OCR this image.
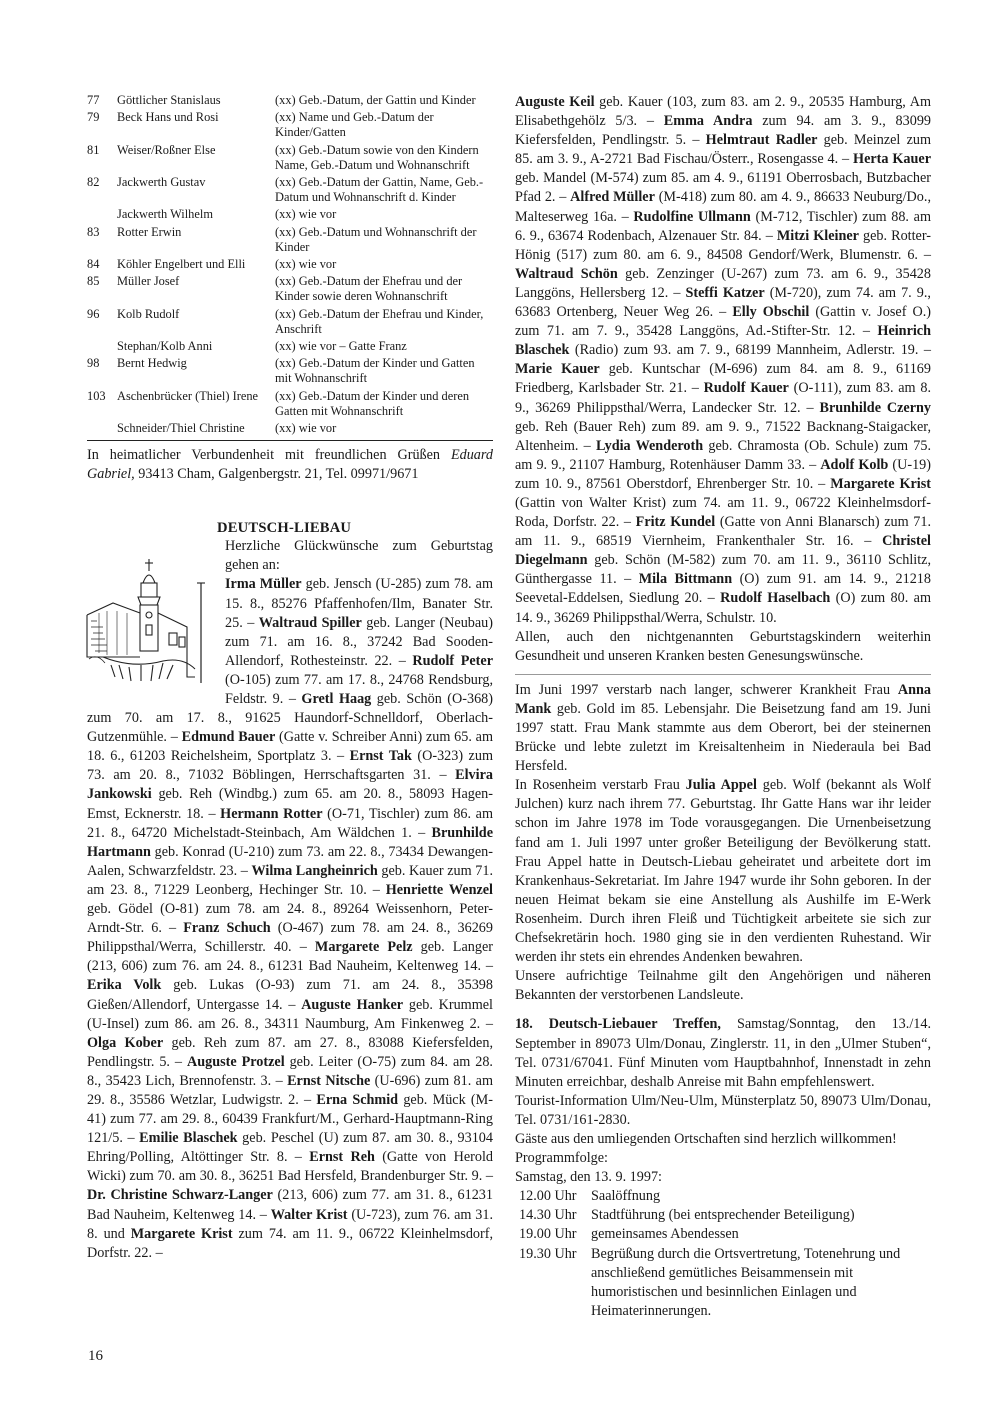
77	Göttlicher Stanislaus	(xx) Geb.-Datum, der Gattin und Kinder
79	Beck Hans und Rosi	(xx) Name und Geb.-Datum der Kinder/Gatten
81	Weiser/Roßner Else	(xx) Geb.-Datum sowie von den Kindern Name, Geb.-Datum und Wohnanschrift
82	Jackwerth Gustav	(xx) Geb.-Datum der Gattin, Name, Geb.-Datum und Wohnanschrift d. Kinder
	Jackwerth Wilhelm	(xx) wie vor
83	Rotter Erwin	(xx) Geb.-Datum und Wohnanschrift der Kinder
84	Köhler Engelbert und Elli	(xx) wie vor
85	Müller Josef	(xx) Geb.-Datum der Ehefrau und der Kinder sowie deren Wohnanschrift
96	Kolb Rudolf	(xx) Geb.-Datum der Ehefrau und Kinder, Anschrift
	Stephan/Kolb Anni	(xx) wie vor – Gatte Franz
98	Bernt Hedwig	(xx) Geb.-Datum der Kinder und Gatten mit Wohnanschrift
103	Aschenbrücker (Thiel) Irene	(xx) Geb.-Datum der Kinder und deren Gatten mit Wohnanschrift
	Schneider/Thiel Christine	(xx) wie vor
In heimatlicher Verbundenheit mit freundlichen Grüßen Eduard Gabriel, 93413 Cham, Galgenbergstr. 21, Tel. 09971/9671
DEUTSCH-LIEBAU
Herzliche Glückwünsche zum Geburtstag gehen an:
Irma Müller geb. Jensch (U-285) zum 78. am 15. 8., 85276 Pfaffenhofen/Ilm, Banater Str. 25. – Waltraud Spiller geb. Langer (Neubau) zum 71. am 16. 8., 37242 Bad Sooden-Allendorf, Rothesteinstr. 22. – Rudolf Peter (O-105) zum 77. am 17. 8., 24768 Rendsburg, Feldstr. 9. – Gretl Haag geb. Schön (O-368) zum 70. am 17. 8., 91625 Haundorf-Schnelldorf, Oberlach-Gutzenmühle. – Edmund Bauer (Gatte v. Schreiber Anni) zum 65. am 18. 6., 61203 Reichelsheim, Sportplatz 3. – Ernst Tak (O-323) zum 73. am 20. 8., 71032 Böblingen, Herrschaftsgarten 31. – Elvira Jankowski geb. Reh (Windbg.) zum 65. am 20. 8., 58093 Hagen-Emst, Ecknerstr. 18. – Hermann Rotter (O-71, Tischler) zum 86. am 21. 8., 64720 Michelstadt-Steinbach, Am Wäldchen 1. – Brunhilde Hartmann geb. Konrad (U-210) zum 73. am 22. 8., 73434 Dewangen-Aalen, Schwarzfeldstr. 23. – Wilma Langheinrich geb. Kauer zum 71. am 23. 8., 71229 Leonberg, Hechinger Str. 10. – Henriette Wenzel geb. Gödel (O-81) zum 78. am 24. 8., 89264 Weissenhorn, Peter-Arndt-Str. 6. – Franz Schuch (O-467) zum 78. am 24. 8., 36269 Philippsthal/Werra, Schillerstr. 40. – Margarete Pelz geb. Langer (213, 606) zum 76. am 24. 8., 61231 Bad Nauheim, Keltenweg 14. – Erika Volk geb. Lukas (O-93) zum 71. am 24. 8., 35398 Gießen/Allendorf, Untergasse 14. – Auguste Hanker geb. Krummel (U-Insel) zum 86. am 26. 8., 34311 Naumburg, Am Finkenweg 2. – Olga Kober geb. Reh zum 87. am 27. 8., 83088 Kiefersfelden, Pendlingstr. 5. – Auguste Protzel geb. Leiter (O-75) zum 84. am 28. 8., 35423 Lich, Brennofenstr. 3. – Ernst Nitsche (U-696) zum 81. am 29. 8., 35586 Wetzlar, Ludwigstr. 2. – Erna Schmid geb. Mück (M-41) zum 77. am 29. 8., 60439 Frankfurt/M., Gerhard-Hauptmann-Ring 121/5. – Emilie Blaschek geb. Peschel (U) zum 87. am 30. 8., 93104 Ehring/Polling, Altöttinger Str. 8. – Ernst Reh (Gatte von Herold Wicki) zum 70. am 30. 8., 36251 Bad Hersfeld, Brandenburger Str. 9. – Dr. Christine Schwarz-Langer (213, 606) zum 77. am 31. 8., 61231 Bad Nauheim, Keltenweg 14. – Walter Krist (U-723), zum 76. am 31. 8. und Margarete Krist zum 74. am 11. 9., 06722 Kleinhelmsdorf, Dorfstr. 22. –

Auguste Keil geb. Kauer (103, zum 83. am 2. 9., 20535 Hamburg, Am Elisabethgehölz 5/3. – Emma Andra zum 94. am 3. 9., 83099 Kiefersfelden, Pendlingstr. 5. – Helmtraut Radler geb. Meinzel zum 85. am 3. 9., A-2721 Bad Fischau/Österr., Rosengasse 4. – Herta Kauer geb. Mandel (M-574) zum 85. am 4. 9., 61191 Oberrosbach, Butzbacher Pfad 2. – Alfred Müller (M-418) zum 80. am 4. 9., 86633 Neuburg/Do., Malteserweg 16a. – Rudolfine Ullmann (M-712, Tischler) zum 88. am 6. 9., 63674 Rodenbach, Alzenauer Str. 84. – Mitzi Kleiner geb. Rotter-Hönig (517) zum 80. am 6. 9., 84508 Gendorf/Werk, Blumenstr. 6. – Waltraud Schön geb. Zenzinger (U-267) zum 73. am 6. 9., 35428 Langgöns, Hellersberg 12. – Steffi Katzer (M-720), zum 74. am 7. 9., 63683 Ortenberg, Neuer Weg 26. – Elly Obschil (Gattin v. Josef O.) zum 71. am 7. 9., 35428 Langgöns, Ad.-Stifter-Str. 12. – Heinrich Blaschek (Radio) zum 93. am 7. 9., 68199 Mannheim, Adlerstr. 19. – Marie Kauer geb. Kuntschar (M-696) zum 84. am 8. 9., 61169 Friedberg, Karlsbader Str. 21. – Rudolf Kauer (O-111), zum 83. am 8. 9., 36269 Philippsthal/Werra, Landecker Str. 12. – Brunhilde Czerny geb. Reh (Bauer Reh) zum 89. am 9. 9., 71522 Backnang-Staigacker, Altenheim. – Lydia Wenderoth geb. Chramosta (Ob. Schule) zum 75. am 9. 9., 21107 Hamburg, Rotenhäuser Damm 33. – Adolf Kolb (U-19) zum 10. 9., 87561 Oberstdorf, Ehrenberger Str. 10. – Margarete Krist (Gattin von Walter Krist) zum 74. am 11. 9., 06722 Kleinhelmsdorf-Roda, Dorfstr. 22. – Fritz Kundel (Gatte von Anni Blanarsch) zum 71. am 11. 9., 68519 Viernheim, Frankenthaler Str. 16. – Christel Diegelmann geb. Schön (M-582) zum 70. am 11. 9., 36110 Schlitz, Günthergasse 11. – Mila Bittmann (O) zum 91. am 14. 9., 21218 Seevetal-Eddelsen, Siedlung 20. – Rudolf Haselbach (O) zum 80. am 14. 9., 36269 Philippsthal/Werra, Schulstr. 10.

Allen, auch den nichtgenannten Geburtstagskindern weiterhin Gesundheit und unseren Kranken besten Genesungswünsche.

Im Juni 1997 verstarb nach langer, schwerer Krankheit Frau Anna Mank geb. Gold im 85. Lebensjahr. Die Beisetzung fand am 19. Juni 1997 statt. Frau Mank stammte aus dem Oberort, bei der steinernen Brücke und lebte zuletzt im Kreisaltenheim in Niederaula bei Bad Hersfeld.

In Rosenheim verstarb Frau Julia Appel geb. Wolf (bekannt als Wolf Julchen) kurz nach ihrem 77. Geburtstag. Ihr Gatte Hans war ihr leider schon im Jahre 1978 im Tode vorausgegangen. Die Urnenbeisetzung fand am 1. Juli 1997 unter großer Beteiligung der Bevölkerung statt. Frau Appel hatte in Deutsch-Liebau geheiratet und arbeitete dort im Krankenhaus-Sekretariat. Im Jahre 1947 wurde ihr Sohn geboren. In der neuen Heimat bekam sie eine Anstellung als Aushilfe im E-Werk Rosenheim. Durch ihren Fleiß und Tüchtigkeit arbeitete sie sich zur Chefsekretärin hoch. 1980 ging sie in den verdienten Ruhestand. Wir werden ihr stets ein ehrendes Andenken bewahren.

Unsere aufrichtige Teilnahme gilt den Angehörigen und näheren Bekannten der verstorbenen Landsleute.

18. Deutsch-Liebauer Treffen, Samstag/Sonntag, den 13./14. September in 89073 Ulm/Donau, Zinglerstr. 11, in den „Ulmer Stuben“, Tel. 0731/67041. Fünf Minuten vom Hauptbahnhof, Innenstadt in zehn Minuten erreichbar, deshalb Anreise mit Bahn empfehlenswert.

Tourist-Information Ulm/Neu-Ulm, Münsterplatz 50, 89073 Ulm/Donau, Tel. 0731/161-2830.

Gäste aus den umliegenden Ortschaften sind herzlich willkommen!

Programmfolge:

Samstag, den 13. 9. 1997:

12.00 Uhr	Saalöffnung
14.30 Uhr	Stadtführung (bei entsprechender Beteiligung)
19.00 Uhr	gemeinsames Abendessen
19.30 Uhr	Begrüßung durch die Ortsvertretung, Totenehrung und anschließend gemütliches Beisammensein mit humoristischen und besinnlichen Einlagen und Heimaterinnerungen.
16
